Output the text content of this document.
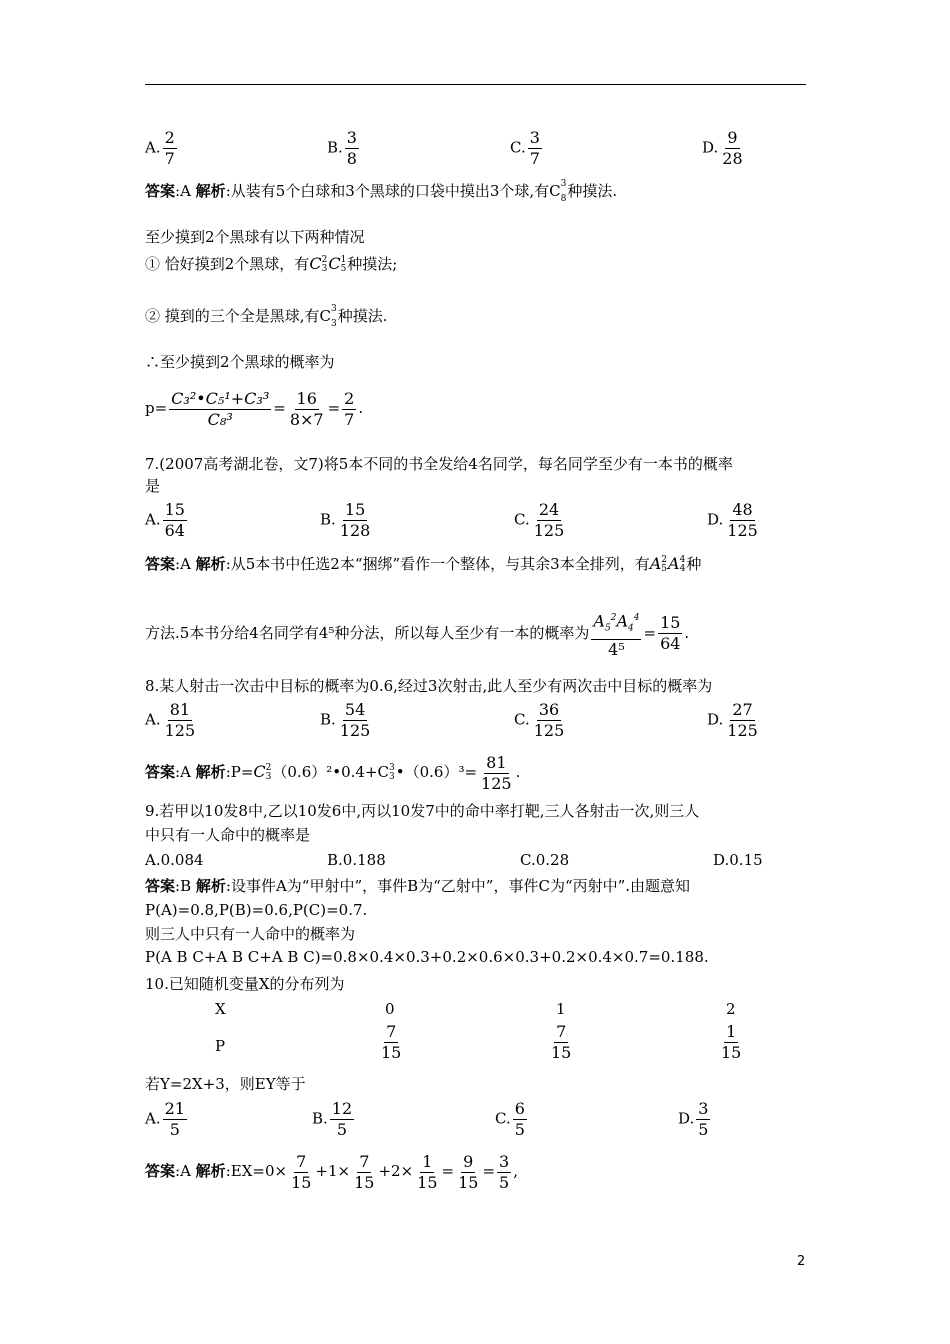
A. $\frac{2}{7}$	B. $\frac{3}{8}$	C. $\frac{3}{7}$	D. $\frac{9}{28}$
答案:A 解析:从装有5个白球和3个黑球的口袋中摸出3个球,有C 3
8 种摸法.
至少摸到2个黑球有以下两种情况
① 恰好摸到2个黑球，有C 2
3 C 1
5 种摸法;
② 摸到的三个全是黑球,有C 3
3 种摸法.
∴至少摸到2个黑球的概率为
$p= \frac{\text{C₃²•C₅¹+C₃³}}{\text{C₈³}} = \frac{16}{8\times 7} = \frac{2}{7}$ .
7.(2007高考湖北卷，文7)将5本不同的书全发给4名同学，每名同学至少有一本书的概率
是
A. $\frac{15}{64}$	B. $\frac{15}{128}$	C. $\frac{24}{125}$	D. $\frac{48}{125}$
答案:A 解析:从5本书中任选2本“捆绑”看作一个整体，与其余3本全排列，有A 2
5 A 4
4 种
方法.5本书分给4名同学有4⁵种分法，所以每人至少有一本的概率为 $\frac{A_5^2A_4^4}{\text{4⁵}} = \frac{15}{64}$ .
8.某人射击一次击中目标的概率为0.6,经过3次射击,此人至少有两次击中目标的概率为
A. $\frac{81}{125}$	B. $\frac{54}{125}$	C. $\frac{36}{125}$	D. $\frac{27}{125}$
答案:A 解析:P=C 2
3 （0.6）²•0.4+C 3
3 •（0.6）³= $\frac{81}{125}$ .
9.若甲以10发8中,乙以10发6中,丙以10发7中的命中率打靶,三人各射击一次,则三人
中只有一人命中的概率是
A.0.084	B.0.188	C.0.28	D.0.15
答案:B 解析:设事件A为“甲射中”，事件B为“乙射中”，事件C为“丙射中”.由题意知
P(A)=0.8,P(B)=0.6,P(C)=0.7.
则三人中只有一人命中的概率为
P(A B C+A B C+A B C)=0.8×0.4×0.3+0.2×0.6×0.3+0.2×0.4×0.7=0.188.
10.已知随机变量X的分布列为
X	0	1	2
P	$\frac{7}{15}$	$\frac{7}{15}$	$\frac{1}{15}$
若Y=2X+3，则EY等于
A. $\frac{21}{5}$	B. $\frac{12}{5}$	C. $\frac{6}{5}$	D. $\frac{3}{5}$
答案:A 解析:EX=0× $\frac{7}{15} +1\times \frac{7}{15} +2\times \frac{1}{15} = \frac{9}{15} = \frac{3}{5}$ ,
2
